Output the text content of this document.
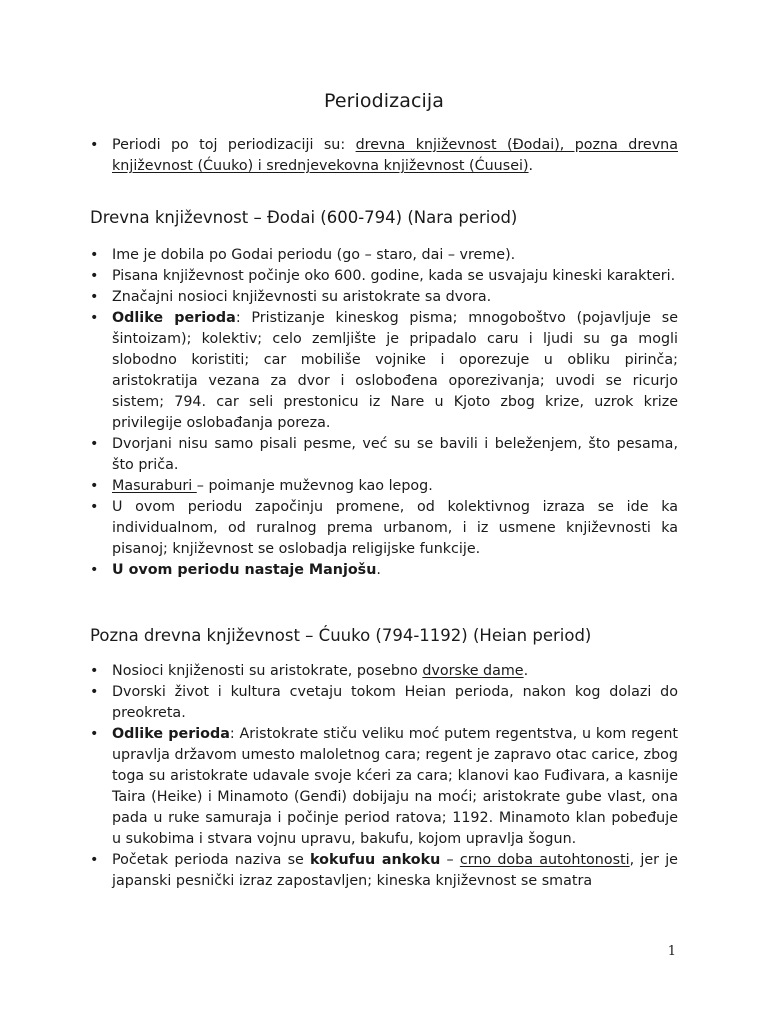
Periodizacija
• Periodi po toj periodizaciji su: drevna književnost (Đodai), pozna drevna književnost (Ćuuko) i srednjevekovna književnost (Ćuusei).
Drevna književnost – Đodai (600-794) (Nara period)
• Ime je dobila po Godai periodu (go – staro, dai – vreme).
• Pisana književnost počinje oko 600. godine, kada se usvajaju kineski karakteri.
• Značajni nosioci književnosti su aristokrate sa dvora.
• Odlike perioda: Pristizanje kineskog pisma; mnogoboštvo (pojavljuje se šintoizam); kolektiv; celo zemljište je pripadalo caru i ljudi su ga mogli slobodno koristiti; car mobiliše vojnike i oporezuje u obliku pirinča; aristokratija vezana za dvor i oslobođena oporezivanja; uvodi se ricurjo sistem; 794. car seli prestonicu iz Nare u Kjoto zbog krize, uzrok krize privilegije oslobađanja poreza.
• Dvorjani nisu samo pisali pesme, već su se bavili i beleženjem, što pesama, što priča.
• Masuraburi – poimanje muževnog kao lepog.
• U ovom periodu započinju promene, od kolektivnog izraza se ide ka individualnom, od ruralnog prema urbanom, i iz usmene književnosti ka pisanoj; književnost se oslobadja religijske funkcije.
• U ovom periodu nastaje Manjošu.
Pozna drevna književnost – Ćuuko (794-1192) (Heian period)
• Nosioci knjiženosti su aristokrate, posebno dvorske dame.
• Dvorski život i kultura cvetaju tokom Heian perioda, nakon kog dolazi do preokreta.
• Odlike perioda: Aristokrate stiču veliku moć putem regentstva, u kom regent upravlja državom umesto maloletnog cara; regent je zapravo otac carice, zbog toga su aristokrate udavale svoje kćeri za cara; klanovi kao Fuđivara, a kasnije Taira (Heike) i Minamoto (Genđi) dobijaju na moći; aristokrate gube vlast, ona pada u ruke samuraja i počinje period ratova; 1192. Minamoto klan pobeđuje u sukobima i stvara vojnu upravu, bakufu, kojom upravlja šogun.
• Početak perioda naziva se kokufuu ankoku – crno doba autohtonosti, jer je japanski pesnički izraz zapostavljen; kineska književnost se smatra
1
